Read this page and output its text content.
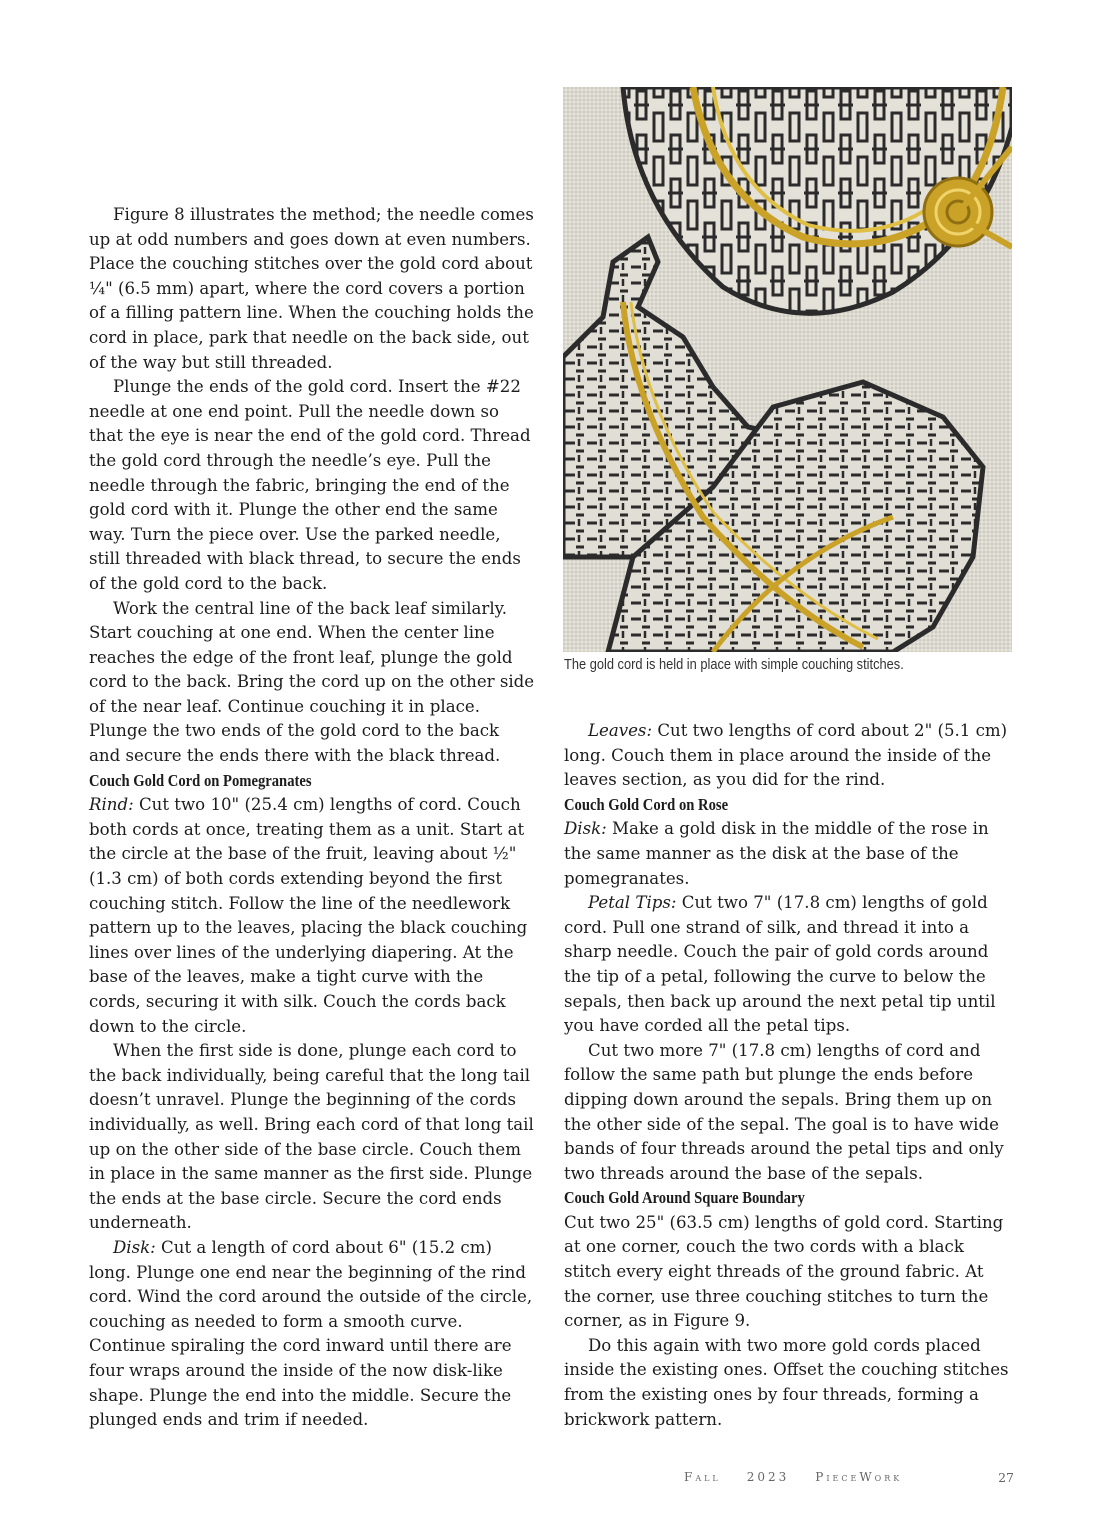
Figure 8 illustrates the method; the needle comes up at odd numbers and goes down at even numbers. Place the couching stitches over the gold cord about ¼" (6.5 mm) apart, where the cord covers a portion of a filling pattern line. When the couching holds the cord in place, park that needle on the back side, out of the way but still threaded.

Plunge the ends of the gold cord. Insert the #22 needle at one end point. Pull the needle down so that the eye is near the end of the gold cord. Thread the gold cord through the needle’s eye. Pull the needle through the fabric, bringing the end of the gold cord with it. Plunge the other end the same way. Turn the piece over. Use the parked needle, still threaded with black thread, to secure the ends of the gold cord to the back.

Work the central line of the back leaf similarly. Start couching at one end. When the center line reaches the edge of the front leaf, plunge the gold cord to the back. Bring the cord up on the other side of the near leaf. Continue couching it in place. Plunge the two ends of the gold cord to the back and secure the ends there with the black thread.

Couch Gold Cord on Pomegranates

Rind: Cut two 10" (25.4 cm) lengths of cord. Couch both cords at once, treating them as a unit. Start at the circle at the base of the fruit, leaving about ½" (1.3 cm) of both cords extending beyond the first couching stitch. Follow the line of the needlework pattern up to the leaves, placing the black couching lines over lines of the underlying diapering. At the base of the leaves, make a tight curve with the cords, securing it with silk. Couch the cords back down to the circle.

When the first side is done, plunge each cord to the back individually, being careful that the long tail doesn’t unravel. Plunge the beginning of the cords individually, as well. Bring each cord of that long tail up on the other side of the base circle. Couch them in place in the same manner as the first side. Plunge the ends at the base circle. Secure the cord ends underneath.

Disk: Cut a length of cord about 6" (15.2 cm) long. Plunge one end near the beginning of the rind cord. Wind the cord around the outside of the circle, couching as needed to form a smooth curve. Continue spiraling the cord inward until there are four wraps around the inside of the now disk-like shape. Plunge the end into the middle. Secure the plunged ends and trim if needed.

The gold cord is held in place with simple couching stitches.

Leaves: Cut two lengths of cord about 2" (5.1 cm) long. Couch them in place around the inside of the leaves section, as you did for the rind.

Couch Gold Cord on Rose

Disk: Make a gold disk in the middle of the rose in the same manner as the disk at the base of the pomegranates.

Petal Tips: Cut two 7" (17.8 cm) lengths of gold cord. Pull one strand of silk, and thread it into a sharp needle. Couch the pair of gold cords around the tip of a petal, following the curve to below the sepals, then back up around the next petal tip until you have corded all the petal tips.

Cut two more 7" (17.8 cm) lengths of cord and follow the same path but plunge the ends before dipping down around the sepals. Bring them up on the other side of the sepal. The goal is to have wide bands of four threads around the petal tips and only two threads around the base of the sepals.

Couch Gold Around Square Boundary

Cut two 25" (63.5 cm) lengths of gold cord. Starting at one corner, couch the two cords with a black stitch every eight threads of the ground fabric. At the corner, use three couching stitches to turn the corner, as in Figure 9.

Do this again with two more gold cords placed inside the existing ones. Offset the couching stitches from the existing ones by four threads, forming a brickwork pattern.

Fall 2023 PieceWork	27
